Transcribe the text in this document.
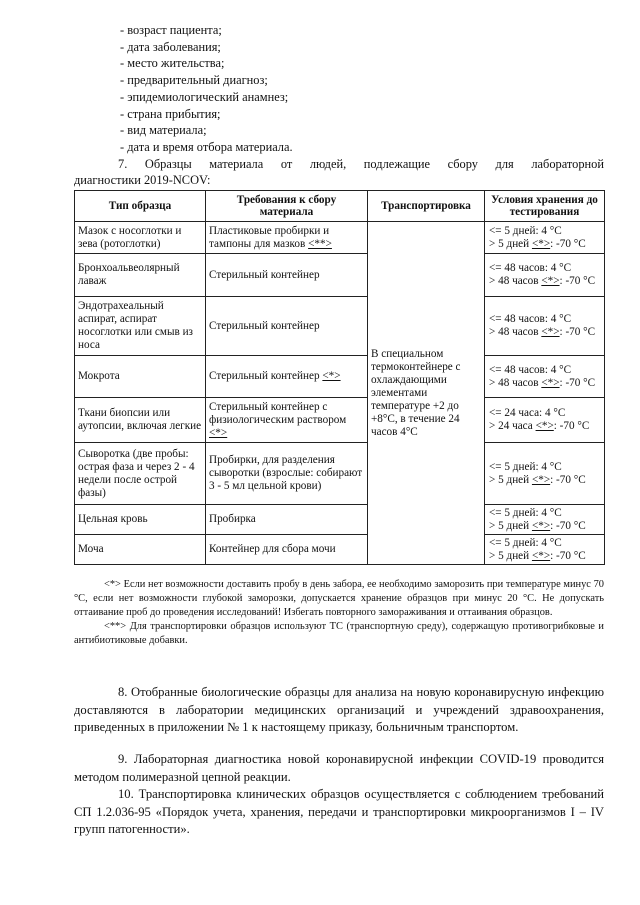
- возраст пациента;
- дата заболевания;
- место жительства;
- предварительный диагноз;
- эпидемиологический анамнез;
- страна прибытия;
- вид материала;
- дата и время отбора материала.
7. Образцы материала от людей, подлежащие сбору для лабораторной
диагностики 2019-NCOV:
Тип образца	Требования к сбору материала	Транспортировка	Условия хранения до тестирования
Мазок с носоглотки и зева (ротоглотки)	Пластиковые пробирки и тампоны для мазков <**>	В специальном термоконтейнере с охлаждающими элементами температуре +2 до +8°С, в течение 24 часов 4°С	<= 5 дней: 4 °С
> 5 дней <*>: -70 °С

Бронхоальвеолярный лаваж	Стерильный контейнер		<= 48 часов: 4 °С
> 48 часов <*>: -70 °С

Эндотрахеальный аспират, аспират носоглотки или смыв из носа	Стерильный контейнер		<= 48 часов: 4 °С
> 48 часов <*>: -70 °С

Мокрота	Стерильный контейнер <*>		<= 48 часов: 4 °С
> 48 часов <*>: -70 °С

Ткани биопсии или аутопсии, включая легкие	Стерильный контейнер с физиологическим раствором <*>		<= 24 часа: 4 °С
> 24 часа <*>: -70 °С

Сыворотка (две пробы: острая фаза и через 2 - 4 недели после острой фазы)	Пробирки, для разделения сыворотки (взрослые: собирают 3 - 5 мл цельной крови)		<= 5 дней: 4 °С
> 5 дней <*>: -70 °С

Цельная кровь	Пробирка		<= 5 дней: 4 °С
> 5 дней <*>: -70 °С

Моча	Контейнер для сбора мочи		<= 5 дней: 4 °С
> 5 дней <*>: -70 °С

<*> Если нет возможности доставить пробу в день забора, ее необходимо заморозить при температуре минус 70 °С, если нет возможности глубокой заморозки, допускается хранение образцов при минус 20 °С. Не допускать оттаивание проб до проведения исследований! Избегать повторного замораживания и оттаивания образцов.

<**> Для транспортировки образцов используют ТС (транспортную среду), содержащую противогрибковые и антибиотиковые добавки.

8. Отобранные биологические образцы для анализа на новую коронавирусную инфекцию доставляются в лаборатории медицинских организаций и учреждений здравоохранения, приведенных в приложении № 1 к настоящему приказу, больничным транспортом.

9. Лабораторная диагностика новой коронавирусной инфекции COVID-19 проводится методом полимеразной цепной реакции.

10. Транспортировка клинических образцов осуществляется с соблюдением требований СП 1.2.036-95 «Порядок учета, хранения, передачи и транспортировки микроорганизмов I – IV групп патогенности».
